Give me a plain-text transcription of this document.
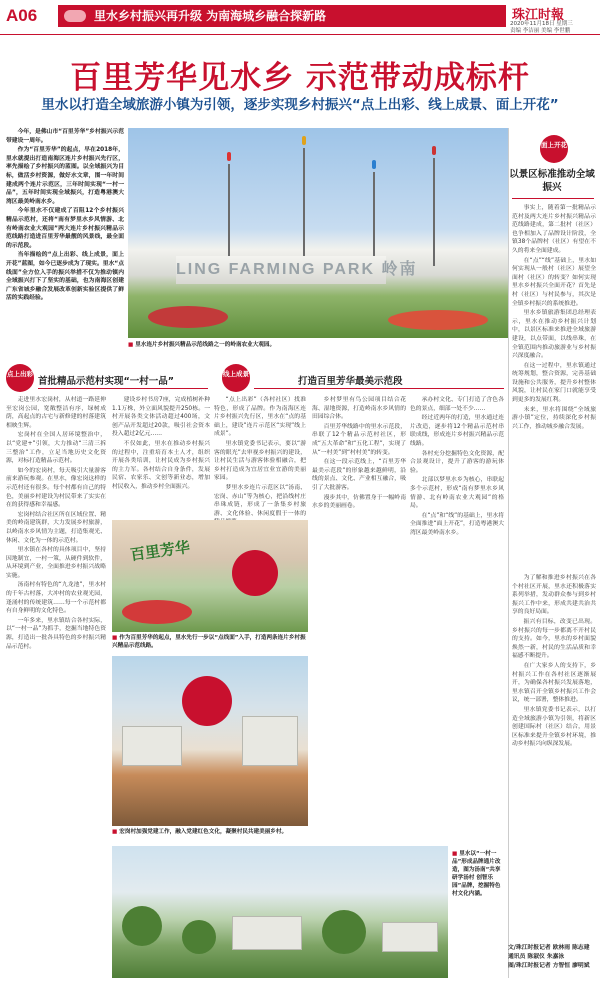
A06	里水乡村振兴再升级 为南海城乡融合探新路	珠江时報
2020年11月18日 星期三
责编 李洁丽 美编 李世鹏
百里芳华见水乡 示范带动成标杆
里水以打造全域旅游小镇为引领，逐步实现乡村振兴“点上出彩、线上成景、面上开花”

今年，是佛山市“百里芳华”乡村振兴示范带建设一周年。

作为“百里芳华”的起点，早在2018年，里水就提出打造南海区连片乡村振兴先行区，率先描绘了乡村振兴的蓝图。以全域振兴为目标，做活乡村资源，做好水文章，围一年时间建成两个连片示范区，三年时间实现“一村一品”，五年时间实现全域振兴，打造粤港澳大湾区最美岭南水乡。

今年里水不仅建成了百阻12个乡村振兴精品示范村，还将“南有梦里水乡风情游、北有岭南农业大观园”两大连片乡村振兴精品示范线路打造进百里芳华最靓的风景线，最全面的示范段。

当年描绘的“点上出彩、线上成景，面上开花”蓝图，如今已逐步成为了现实。里水“点线面”全方位入手的振兴举措不仅为推动镇内全域振兴打下了坚实的基础，也为南海区创建广东省城乡融合发展改革创新实验区提供了鲜活的实践经验。

LING FARMING PARK 岭南
■ 里水连片乡村振兴精品示范线路之一的岭南农业大观园。
面上开花
以景区标准推动全域振兴

事实上，随着第一批精品示范村及两大连片乡村振兴精品示范线路建成，第二批村（社区）也争相加入了品牌设计阶段，全镇38个品牌村（社区）有望在不久的将来全面建成。

在“点”“线”基础上，里水如何实现从一般村（社区）展望全面村（社区）的转变？如何实现里水乡村振兴全面开花？首先是村（社区）与村民参与，其次是全镇乡村振兴的系统推进。

里水乡镇旅游集团总经理表示，里水在推动乡村振兴计划中，以景区标准来推进全域旅游建设，以点带面，以线串珠，在全镇范围内推动旅游业与乡村振兴深度融合。

在这一过程中，里水镇通过统筹规划，整合资源，完善基础设施和公共服务，提升乡村整体风貌，让村民在家门口就能享受到更多的发展红利。

未来，里水将围绕“全域旅游小镇”定位，持续深化乡村振兴工作，推动城乡融合发展。

为了解和推进乡村振兴在各个村社区开展，里水还积极落实系列举措，发动群众参与到乡村振兴工作中来，形成共建共治共享的良好局面。

振兴有目标，改变已出现。乡村振兴的每一步都离不开村民的支持。如今，里水的乡村面貌焕然一新，村民的生活品质和幸福感不断提升。

在广大家乡人的支持下，乡村振兴工作在各村社区逐渐展开，为确保各村振兴发展落地，里水镇召开全镇乡村振兴工作会议，统一部署，整体推进。

里水镇党委书记表示，以打造全域旅游小镇为引领，将新区创建国际村（社区）结合，用景区标准来提升全镇乡村环境，推动乡村振兴向纵深发展。

点上出彩
首批精品示范村实现“一村一品”

走进里水宏岗村，从村道一路延伸至宏岗公园，宽敞整洁有序，绿树成荫，高起点的古宅与新修建的村落建筑相映生辉。

宏岗村在全国人居环境整治中，以“党建+”引领，大力推动“三清三拆三整治”工作，立足当地历史文化资源，对标打造精品示范村。

如今的宏岗村，每天吸引大量游客前来游玩参观。在里水，像宏岗这样的示范村还有很多。每个村都有自己的特色，美丽乡村建设为村民带来了实实在在的获得感和幸福感。

宏岗村结合社区所在区域位置、精美的岭南建筑群，大力发展乡村旅游，以岭南水乡风情为主题，打造集观光、休闲、文化为一体的示范村。

里水镇在各村的具体项目中，坚持因地制宜，一村一策，从硬件到软件，从环境到产业，全面推进乡村振兴战略实施。

汤南村有特色的“九龙池”，里水村的千年古村落，大冲村的农业观光园，逢涌村的传统建筑……每一个示范村都有自身鲜明的文化特色。

一年多来，里水镇结合各村实际，以“一村一品”为抓手，挖掘当地特色资源，打造出一批各具特色的乡村振兴精品示范村。

建设乡村书房7座，完成植树补种1.1万株，外立面风貌提升250栋。一村开展各类文体活动超过400场，文创产品开发超过20款，吸引社会资本投入超过2亿元……

不仅如此，里水在推动乡村振兴的过程中，注重培育本土人才，组织开展各类培训，让村民成为乡村振兴的主力军。各村结合自身条件，发展民宿、农家乐、文创等新业态，增加村民收入，推动乡村全面振兴。

线上成景
打造百里芳华最美示范段

“点上出彩”（各村社区）找准特色，形成了品牌。作为南海区连片乡村振兴先行区，里水在“点的基础上，建设”连片示范区“实现”线上成景”。

里水镇党委书记表示，要以“游客的眼光”去审视乡村振兴的建设，让村民生活与游客体验相融合，把乡村打造成为宜居宜业宜游的美丽家园。

梦里水乡连片示范区以“汤南、宏岗、赤山”等为核心，把沿线村庄串珠成链，形成了一条集乡村旅游、文化体验、休闲度假于一体的

乡村梦里有鸟公园项目结合花海、湿地资源，打造岭南水乡风情的田园综合体。

百里芳华线路中的里水示范段，串联了12个精品示范村社区，形成“五大革命”和“五化工程”，实现了从“一村美”到“村村美”的转变。

在这一段示范线上，“百里芳华最美示范段”的形象越来越鲜明，沿线的景点、文化、产业相互融合，吸引了大批游客。

漫步其中，仿佛置身于一幅岭南水乡的美丽画卷。

承办村文化、专门打造了含色各色的景点，细部一处不少……

经过近两年的打造，里水通过连片改造，逐步将12个精品示范村串联成线，形成连片乡村振兴精品示范线路。

各村充分挖掘特色文化资源，配合景观设计，提升了游客的游玩体验。

北部以梦里水乡为核心，串联起多个示范村，形成“南有梦里水乡风情游、北有岭南农业大观园”的格局。

在“点”和“线”的基础上，里水将全面推进“面上开花”，打造粤港澳大湾区最美岭南水乡。

百里芳华
■ 作为百里芳华的起点，里水先行一步以“点线面”入手，打造两条连片乡村振兴精品示范线路。
■ 宏岗村加强党建工作，融入党建红色文化，凝聚村民共建美丽乡村。
■ 里水以“一村一品”形成品牌通片改造，图为汤南“共享研学汤村 创智乐园”品牌，挖掘特色村文化内涵。
文/珠江时报记者 欧林雨 陈志建
通讯员 陈淑仪 朱嘉泳
图/珠江时报记者 方智恒 廖明斌
